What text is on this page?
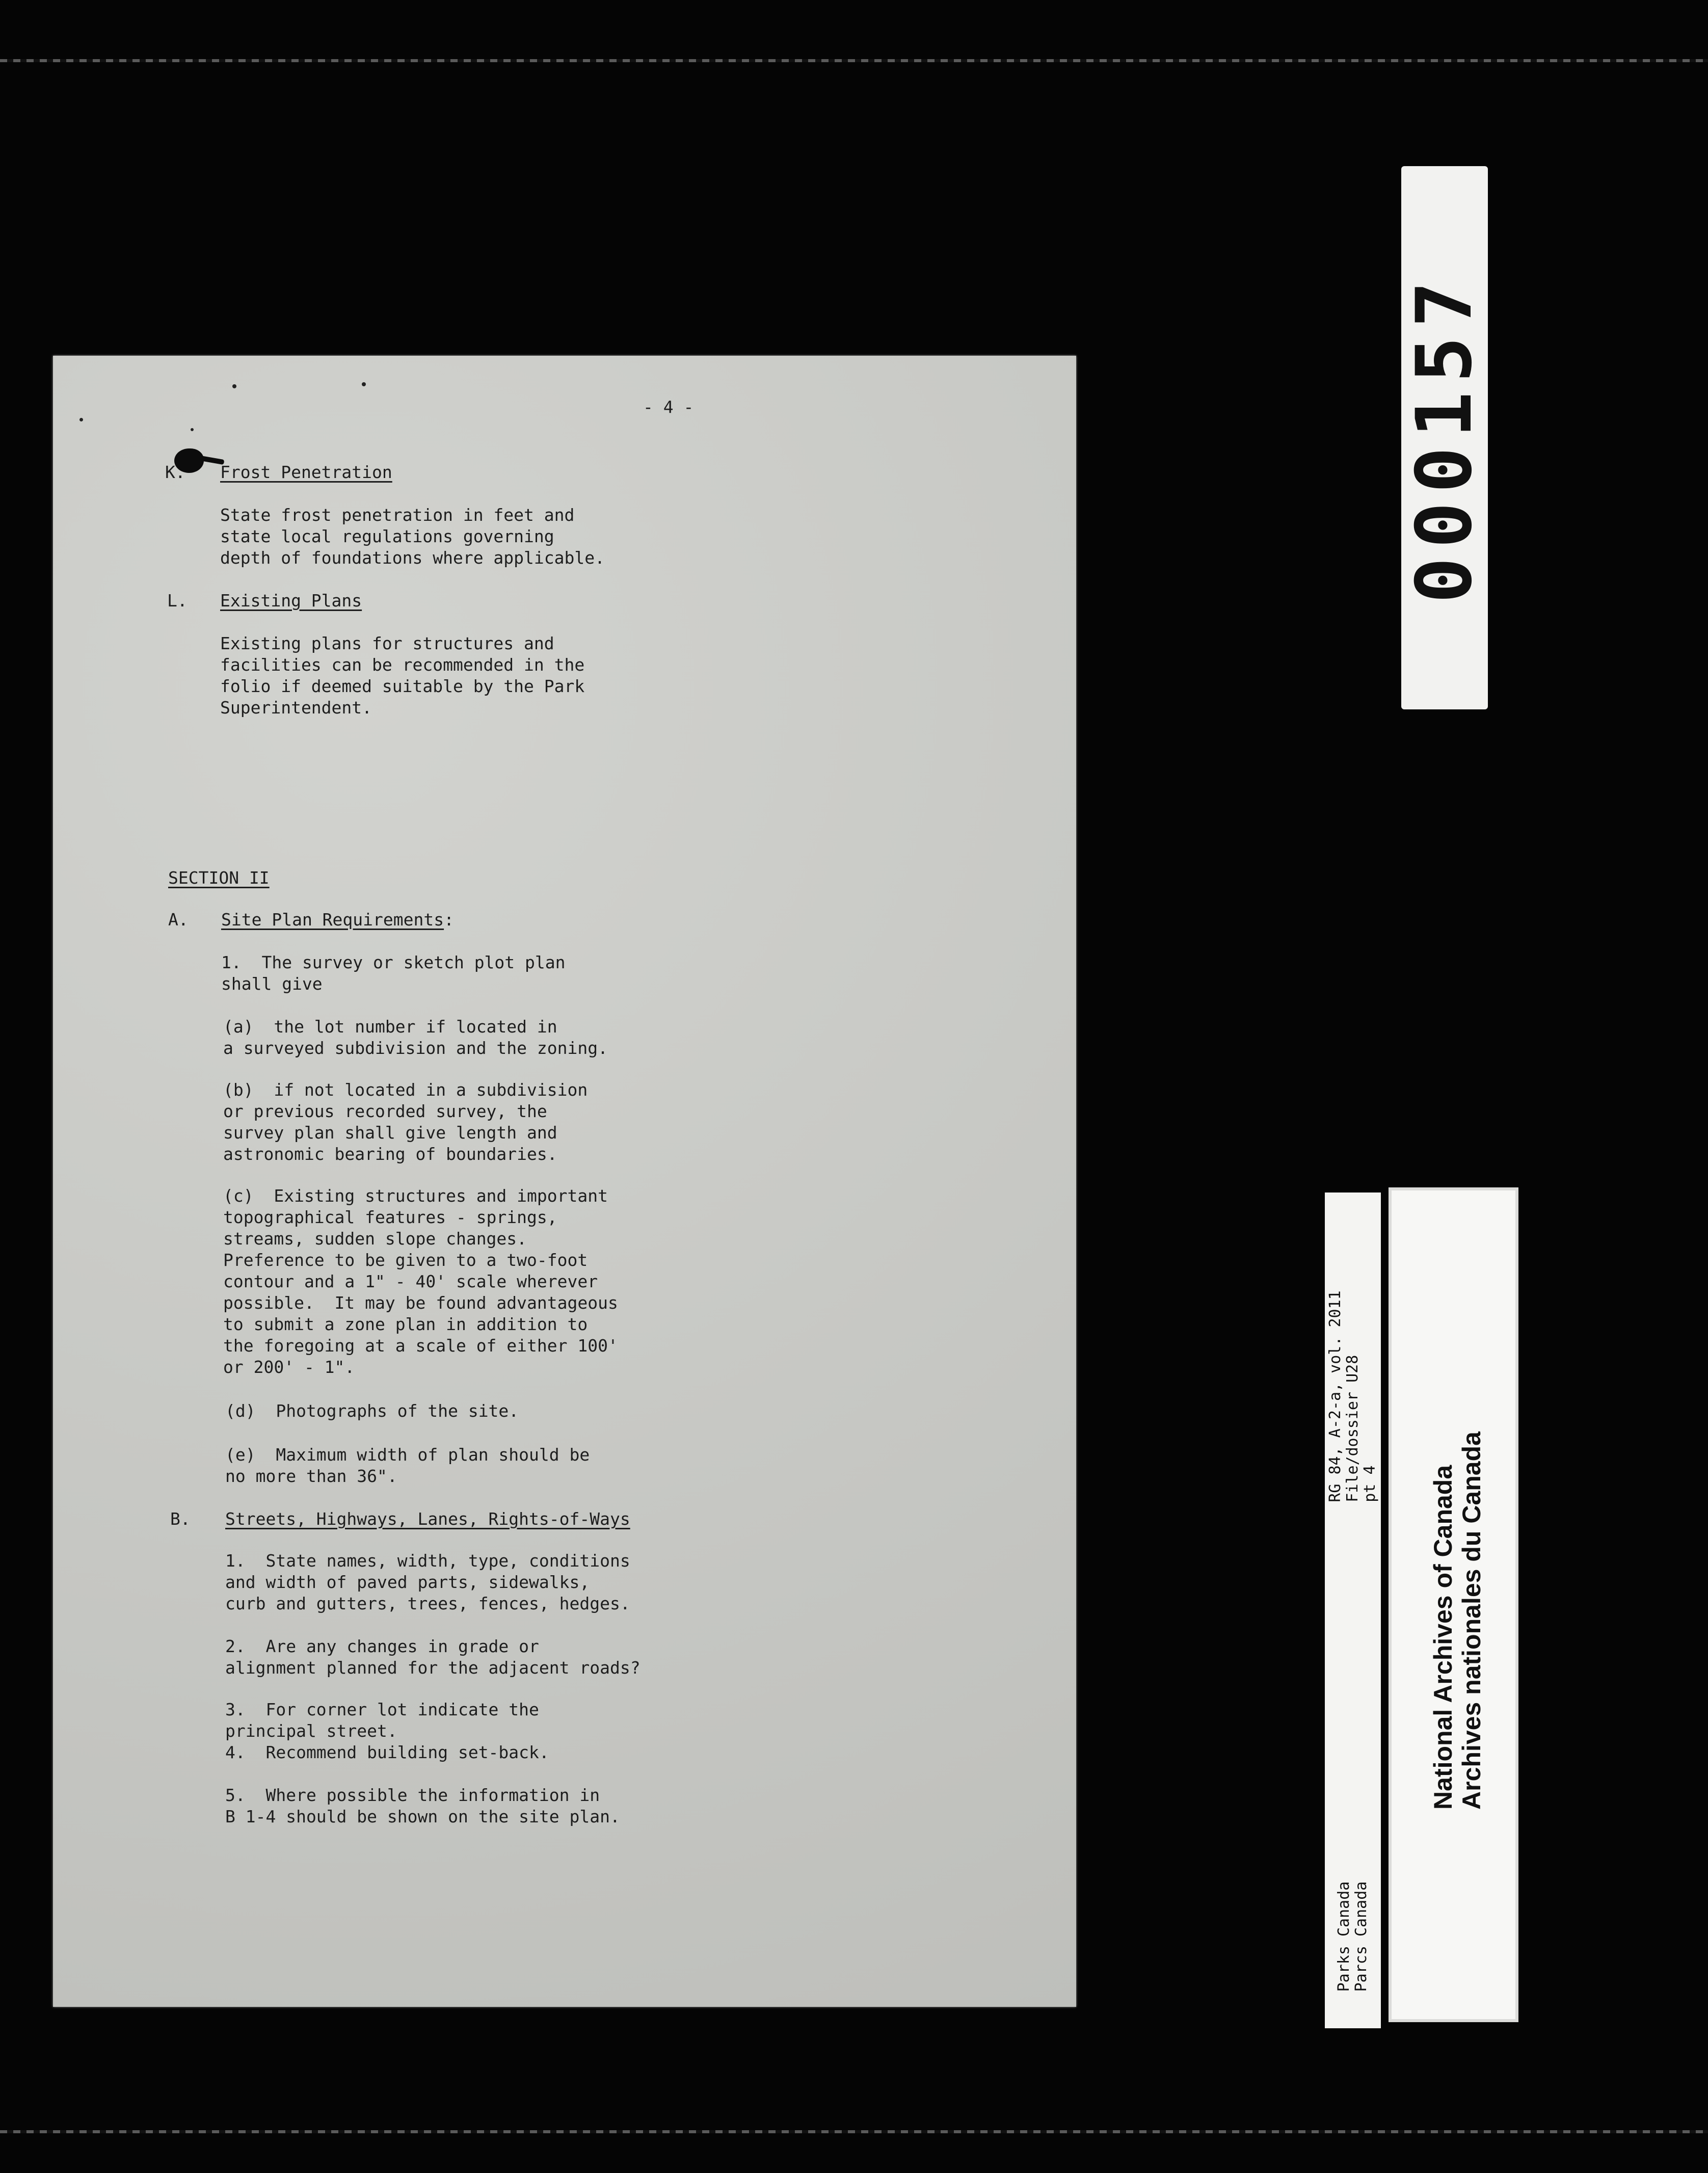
- 4 -
K. Frost Penetration
State frost penetration in feet and
state local regulations governing
depth of foundations where applicable.
L. Existing Plans
Existing plans for structures and
facilities can be recommended in the
folio if deemed suitable by the Park
Superintendent.
SECTION II
A. Site Plan Requirements:
1.  The survey or sketch plot plan
shall give
(a)  the lot number if located in
a surveyed subdivision and the zoning.
(b)  if not located in a subdivision
or previous recorded survey, the
survey plan shall give length and
astronomic bearing of boundaries.
(c)  Existing structures and important
topographical features - springs,
streams, sudden slope changes.
Preference to be given to a two-foot
contour and a 1" - 40' scale wherever
possible.  It may be found advantageous
to submit a zone plan in addition to
the foregoing at a scale of either 100'
or 200' - 1".
(d)  Photographs of the site.
(e)  Maximum width of plan should be
no more than 36".
B. Streets, Highways, Lanes, Rights-of-Ways
1.  State names, width, type, conditions
and width of paved parts, sidewalks,
curb and gutters, trees, fences, hedges.
2.  Are any changes in grade or
alignment planned for the adjacent roads?
3.  For corner lot indicate the
principal street.
4.  Recommend building set-back.
5.  Where possible the information in
B 1-4 should be shown on the site plan.
000157
RG 84, A-2-a, vol. 2011
File/dossier U28
pt 4
Parks Canada
Parcs Canada
National Archives of Canada
Archives nationales du Canada
